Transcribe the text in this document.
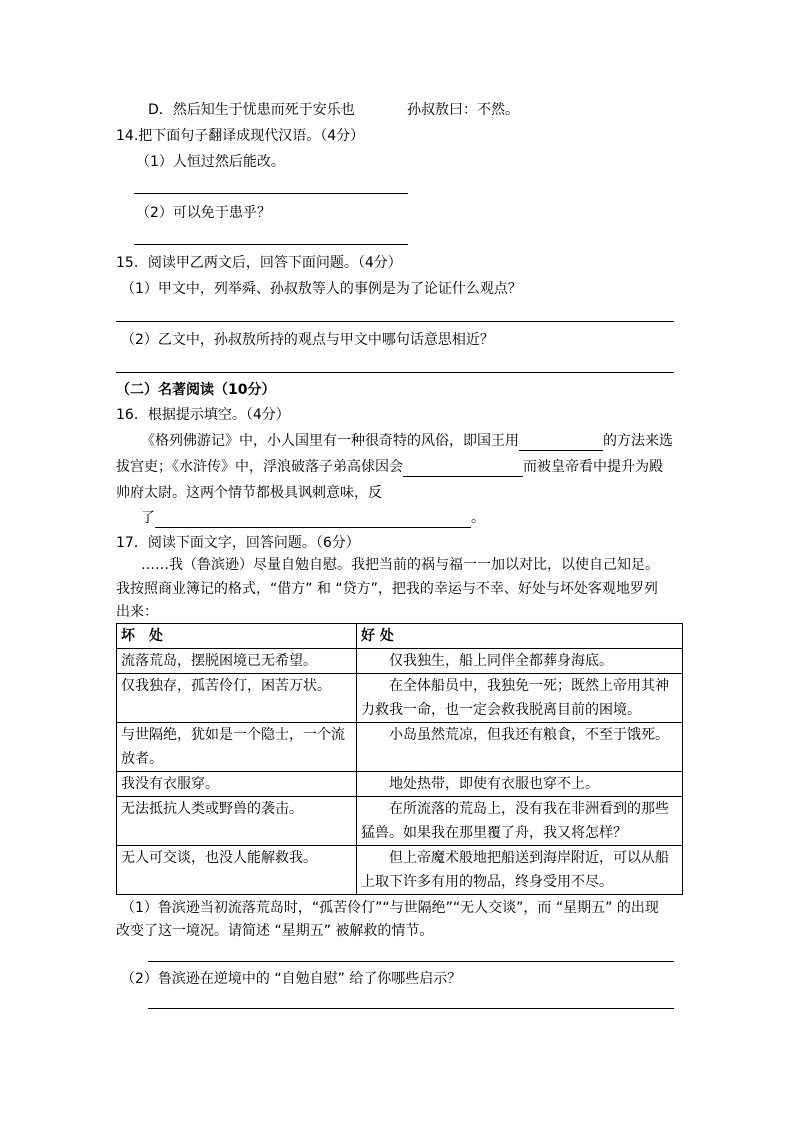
D．然后知生于忧患而死于安乐也	孙叔敖曰：不然。
14.把下面句子翻译成现代汉语。（4分）
（1）人恒过然后能改。
（2）可以免于患乎？
15．阅读甲乙两文后，回答下面问题。（4分）
（1）甲文中，列举舜、孙叔敖等人的事例是为了论证什么观点？
（2）乙文中，孙叔敖所持的观点与甲文中哪句话意思相近？
（二）名著阅读（10分）
16．根据提示填空。（4分）
《格列佛游记》中，小人国里有一种很奇特的风俗，即国王用	的方法来选
拔宫吏；《水浒传》中，浮浪破落子弟高俅因会	而被皇帝看中提升为殿
帅府太尉。这两个情节都极具讽刺意味，反
了	。
17．阅读下面文字，回答问题。（6分）
……我（鲁滨逊）尽量自勉自慰。我把当前的祸与福一一加以对比，以使自己知足。
我按照商业簿记的格式，“借方” 和 “贷方”，把我的幸运与不幸、好处与坏处客观地罗列
出来：
坏　处	好 处
流落荒岛，摆脱困境已无希望。	仅我独生，船上同伴全都葬身海底。
仅我独存，孤苦伶仃，困苦万状。	在全体船员中，我独免一死；既然上帝用其神力救我一命，也一定会救我脱离目前的困境。
与世隔绝，犹如是一个隐士，一个流放者。	小岛虽然荒凉，但我还有粮食，不至于饿死。
我没有衣服穿。	地处热带，即使有衣服也穿不上。
无法抵抗人类或野兽的袭击。	在所流落的荒岛上，没有我在非洲看到的那些猛兽。如果我在那里覆了舟，我又将怎样？
无人可交谈，也没人能解救我。	但上帝魔术般地把船送到海岸附近，可以从船上取下许多有用的物品，终身受用不尽。
（1）鲁滨逊当初流落荒岛时，“孤苦伶仃”“与世隔绝”“无人交谈”，而 “星期五” 的出现
改变了这一境况。请简述 “星期五” 被解救的情节。
（2）鲁滨逊在逆境中的 “自勉自慰” 给了你哪些启示？
